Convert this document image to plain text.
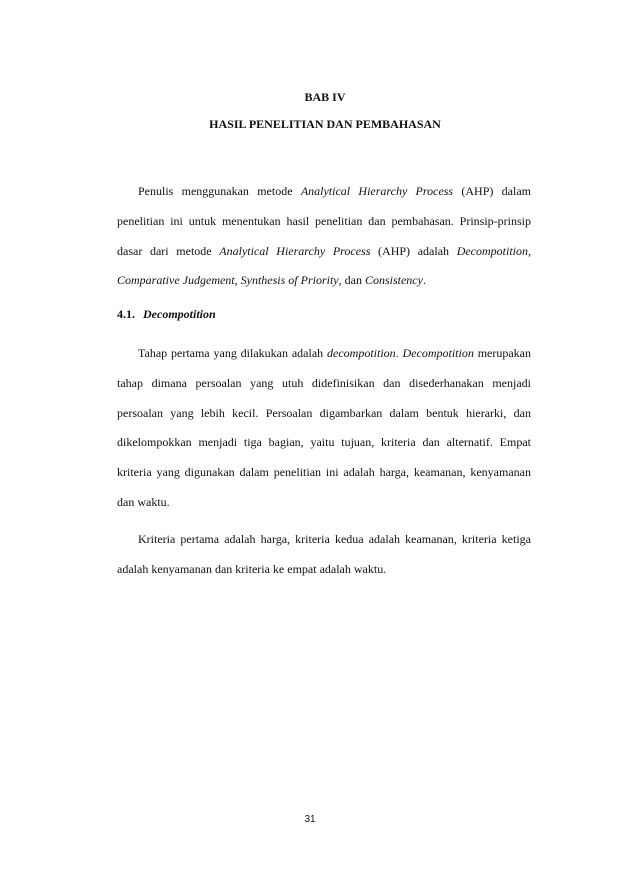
BAB IV
HASIL PENELITIAN DAN PEMBAHASAN

Penulis menggunakan metode Analytical Hierarchy Process (AHP) dalam penelitian ini untuk menentukan hasil penelitian dan pembahasan. Prinsip-prinsip dasar dari metode Analytical Hierarchy Process (AHP) adalah Decompotition, Comparative Judgement, Synthesis of Priority, dan Consistency.

4.1. Decompotition

Tahap pertama yang dilakukan adalah decompotition. Decompotition merupakan tahap dimana persoalan yang utuh didefinisikan dan disederhanakan menjadi persoalan yang lebih kecil. Persoalan digambarkan dalam bentuk hierarki, dan dikelompokkan menjadi tiga bagian, yaitu tujuan, kriteria dan alternatif. Empat kriteria yang digunakan dalam penelitian ini adalah harga, keamanan, kenyamanan dan waktu.

Kriteria pertama adalah harga, kriteria kedua adalah keamanan, kriteria ketiga adalah kenyamanan dan kriteria ke empat adalah waktu.

31
